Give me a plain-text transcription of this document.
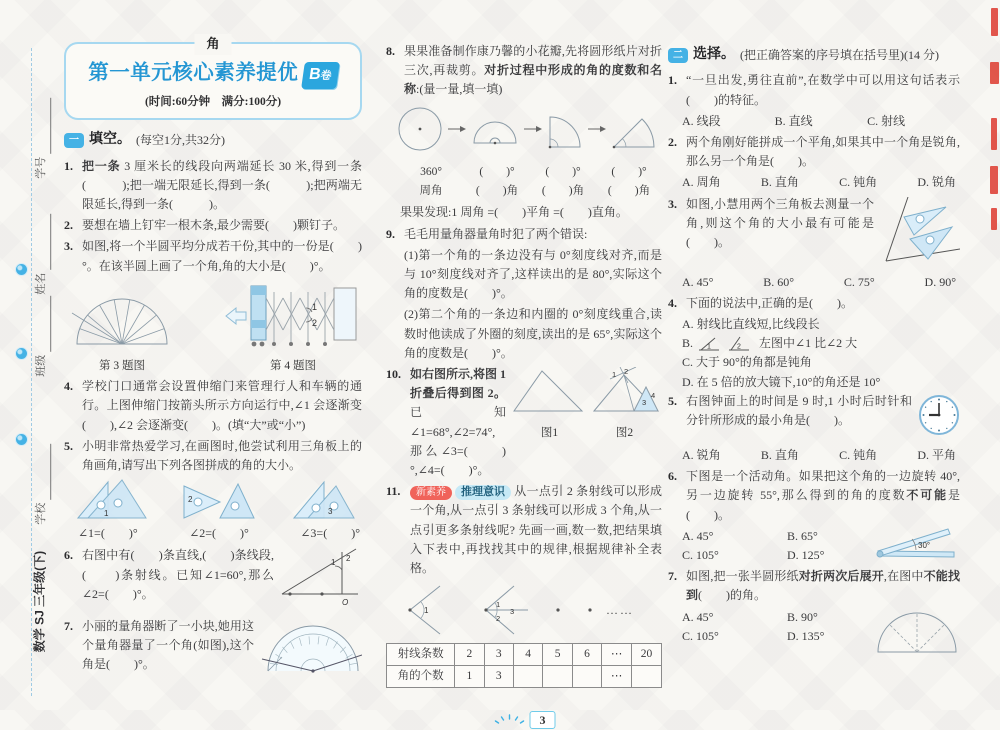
学号
姓名
班级
学校
数学 SJ 三年级(下)
角
第一单元核心素养提优 B卷
(时间:60分钟　满分:100分)
一 填空。 (每空1分,共32分)
1. 把一条 3 厘米长的线段向两端延长 30 米,得到一条(　　　);把一端无限延长,得到一条(　　　);把两端无限延长,得到一条(　　　)。
2. 要想在墙上钉牢一根木条,最少需要(　　)颗钉子。
3. 如图,将一个半圆平均分成若干份,其中的一份是(　　)°。在该半圆上画了一个角,角的大小是(　　)°。
第 3 题图
1
2
第 4 题图
4. 学校门口通常会设置伸缩门来管理行人和车辆的通行。上图伸缩门按箭头所示方向运行中,∠1 会逐渐变(　　),∠2 会逐渐变(　　)。(填“大”或“小”)
5. 小明非常热爱学习,在画图时,他尝试利用三角板上的角画角,请写出下列各图拼成的角的大小。
1
2
3
∠1=(　　)°	∠2=(　　)°	∠3=(　　)°
6.
1 2
O
右图中有(　　)条直线,(　　)条线段,(　　)条射线。已知∠1=60°,那么∠2=(　　)°。
7. 小丽的量角器断了一小块,她用这个量角器量了一个角(如图),这个角是(　　)°。
8. 果果准备制作康乃馨的小花瓣,先将圆形纸片对折三次,再裁剪。对折过程中形成的角的度数和名称:(量一量,填一填)
360°	(　　)°	(　　)°	(　　)°
周角	(　　)角	(　　)角	(　　)角
果果发现:1 周角 =(　　)平角 =(　　)直角。
9. 毛毛用量角器量角时犯了两个错误:
(1)第一个角的一条边没有与 0°刻度线对齐,而是与 10°刻度线对齐了,这样读出的是 80°,实际这个角的度数是(　　)°。
(2)第二个角的一条边和内圈的 0°刻度线重合,读数时他读成了外圈的刻度,读出的是 65°,实际这个角的度数是(　　)°。
10.	1 2
3
4
图1	图2
如右图所示,将图 1 折叠后得到图 2。已知∠1=68°,∠2=74°,那么∠3=(　　)°,∠4=(　　)°。
11.	新素养 推理意识 从一点引 2 条射线可以形成一个角,从一点引 3 条射线可以形成 3 个角,从一点引更多条射线呢? 先画一画,数一数,把结果填入下表中,再找找其中的规律,根据规律补全表格。
1
1
2
3	……
射线条数	2	3	4	5	6	⋯	20
角的个数	1	3				⋯	
3
二 选择。 (把正确答案的序号填在括号里)(14 分)
1. “一旦出发,勇往直前”,在数学中可以用这句话表示(　　)的特征。
A. 线段	B. 直线	C. 射线
2. 两个角刚好能拼成一个平角,如果其中一个角是锐角,那么另一个角是(　　)。
A. 周角	B. 直角	C. 钝角	D. 锐角
3. 如图,小慧用两个三角板去测量一个角,则这个角的大小最有可能是(　　)。
A. 45°	B. 60°	C. 75°	D. 90°
4. 下面的说法中,正确的是(　　)。
A. 射线比直线短,比线段长
B. 1	2 左图中∠1 比∠2 大
C. 大于 90°的角都是钝角
D. 在 5 倍的放大镜下,10°的角还是 10°
5. 右图钟面上的时间是 9 时,1 小时后时针和分针所形成的最小角是(　　)。
A. 锐角	B. 直角	C. 钝角	D. 平角
6. 下图是一个活动角。如果把这个角的一边旋转 40°,另一边旋转 55°,那么得到的角的度数不可能是(　　)。
A. 45°	B. 65°
C. 105°	D. 125°
30°
7. 如图,把一张半圆形纸对折两次后展开,在图中不能找到(　　)的角。
A. 45°	B. 90°
C. 105°	D. 135°
